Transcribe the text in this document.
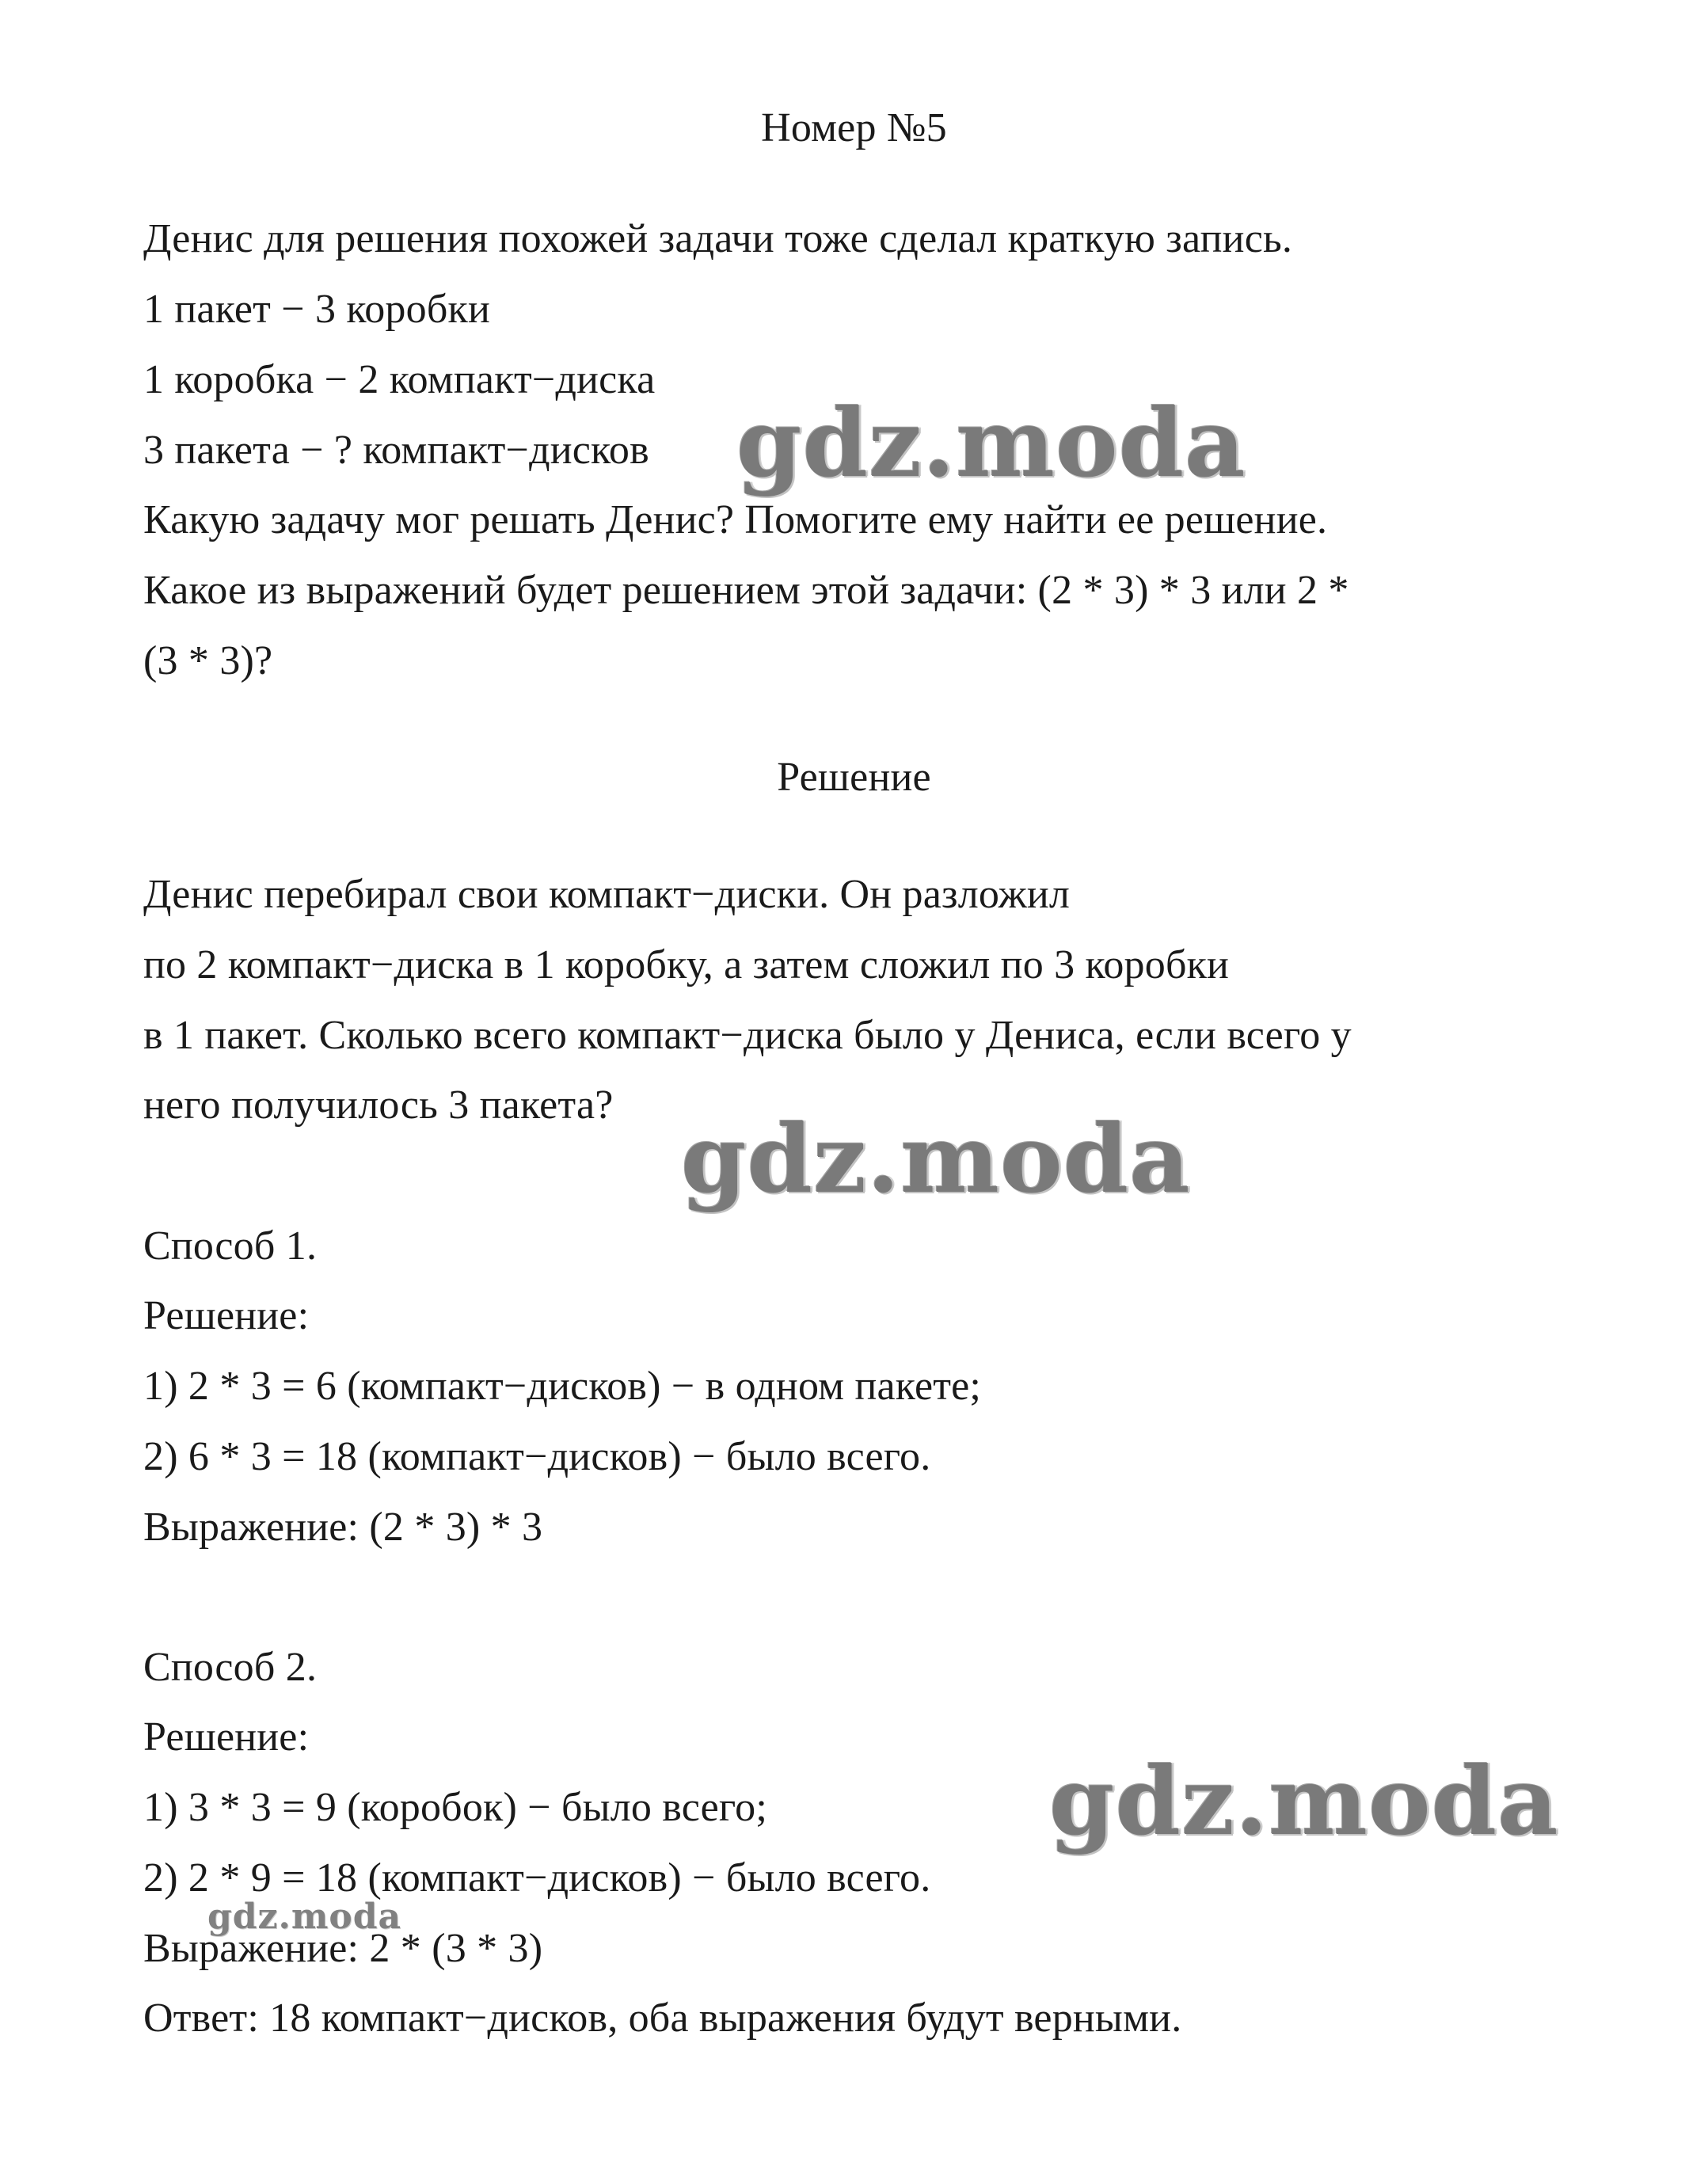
Номер №5
Денис для решения похожей задачи тоже сделал краткую запись.
1 пакет − 3 коробки
1 коробка − 2 компакт−диска
3 пакета − ? компакт−дисков
Какую задачу мог решать Денис? Помогите ему найти ее решение.
Какое из выражений будет решением этой задачи: (2 * 3) * 3 или 2 *
(3 * 3)?
Решение
Денис перебирал свои компакт−диски. Он разложил
по 2 компакт−диска в 1 коробку, а затем сложил по 3 коробки
в 1 пакет. Сколько всего компакт−диска было у Дениса, если всего у
него получилось 3 пакета?
Способ 1.
Решение:
1) 2 * 3 = 6 (компакт−дисков) − в одном пакете;
2) 6 * 3 = 18 (компакт−дисков) − было всего.
Выражение: (2 * 3) * 3
Способ 2.
Решение:
1) 3 * 3 = 9 (коробок) − было всего;
2) 2 * 9 = 18 (компакт−дисков) − было всего.
Выражение: 2 * (3 * 3)
Ответ: 18 компакт−дисков, оба выражения будут верными.
gdz.moda
gdz.moda
gdz.moda
gdz.moda
